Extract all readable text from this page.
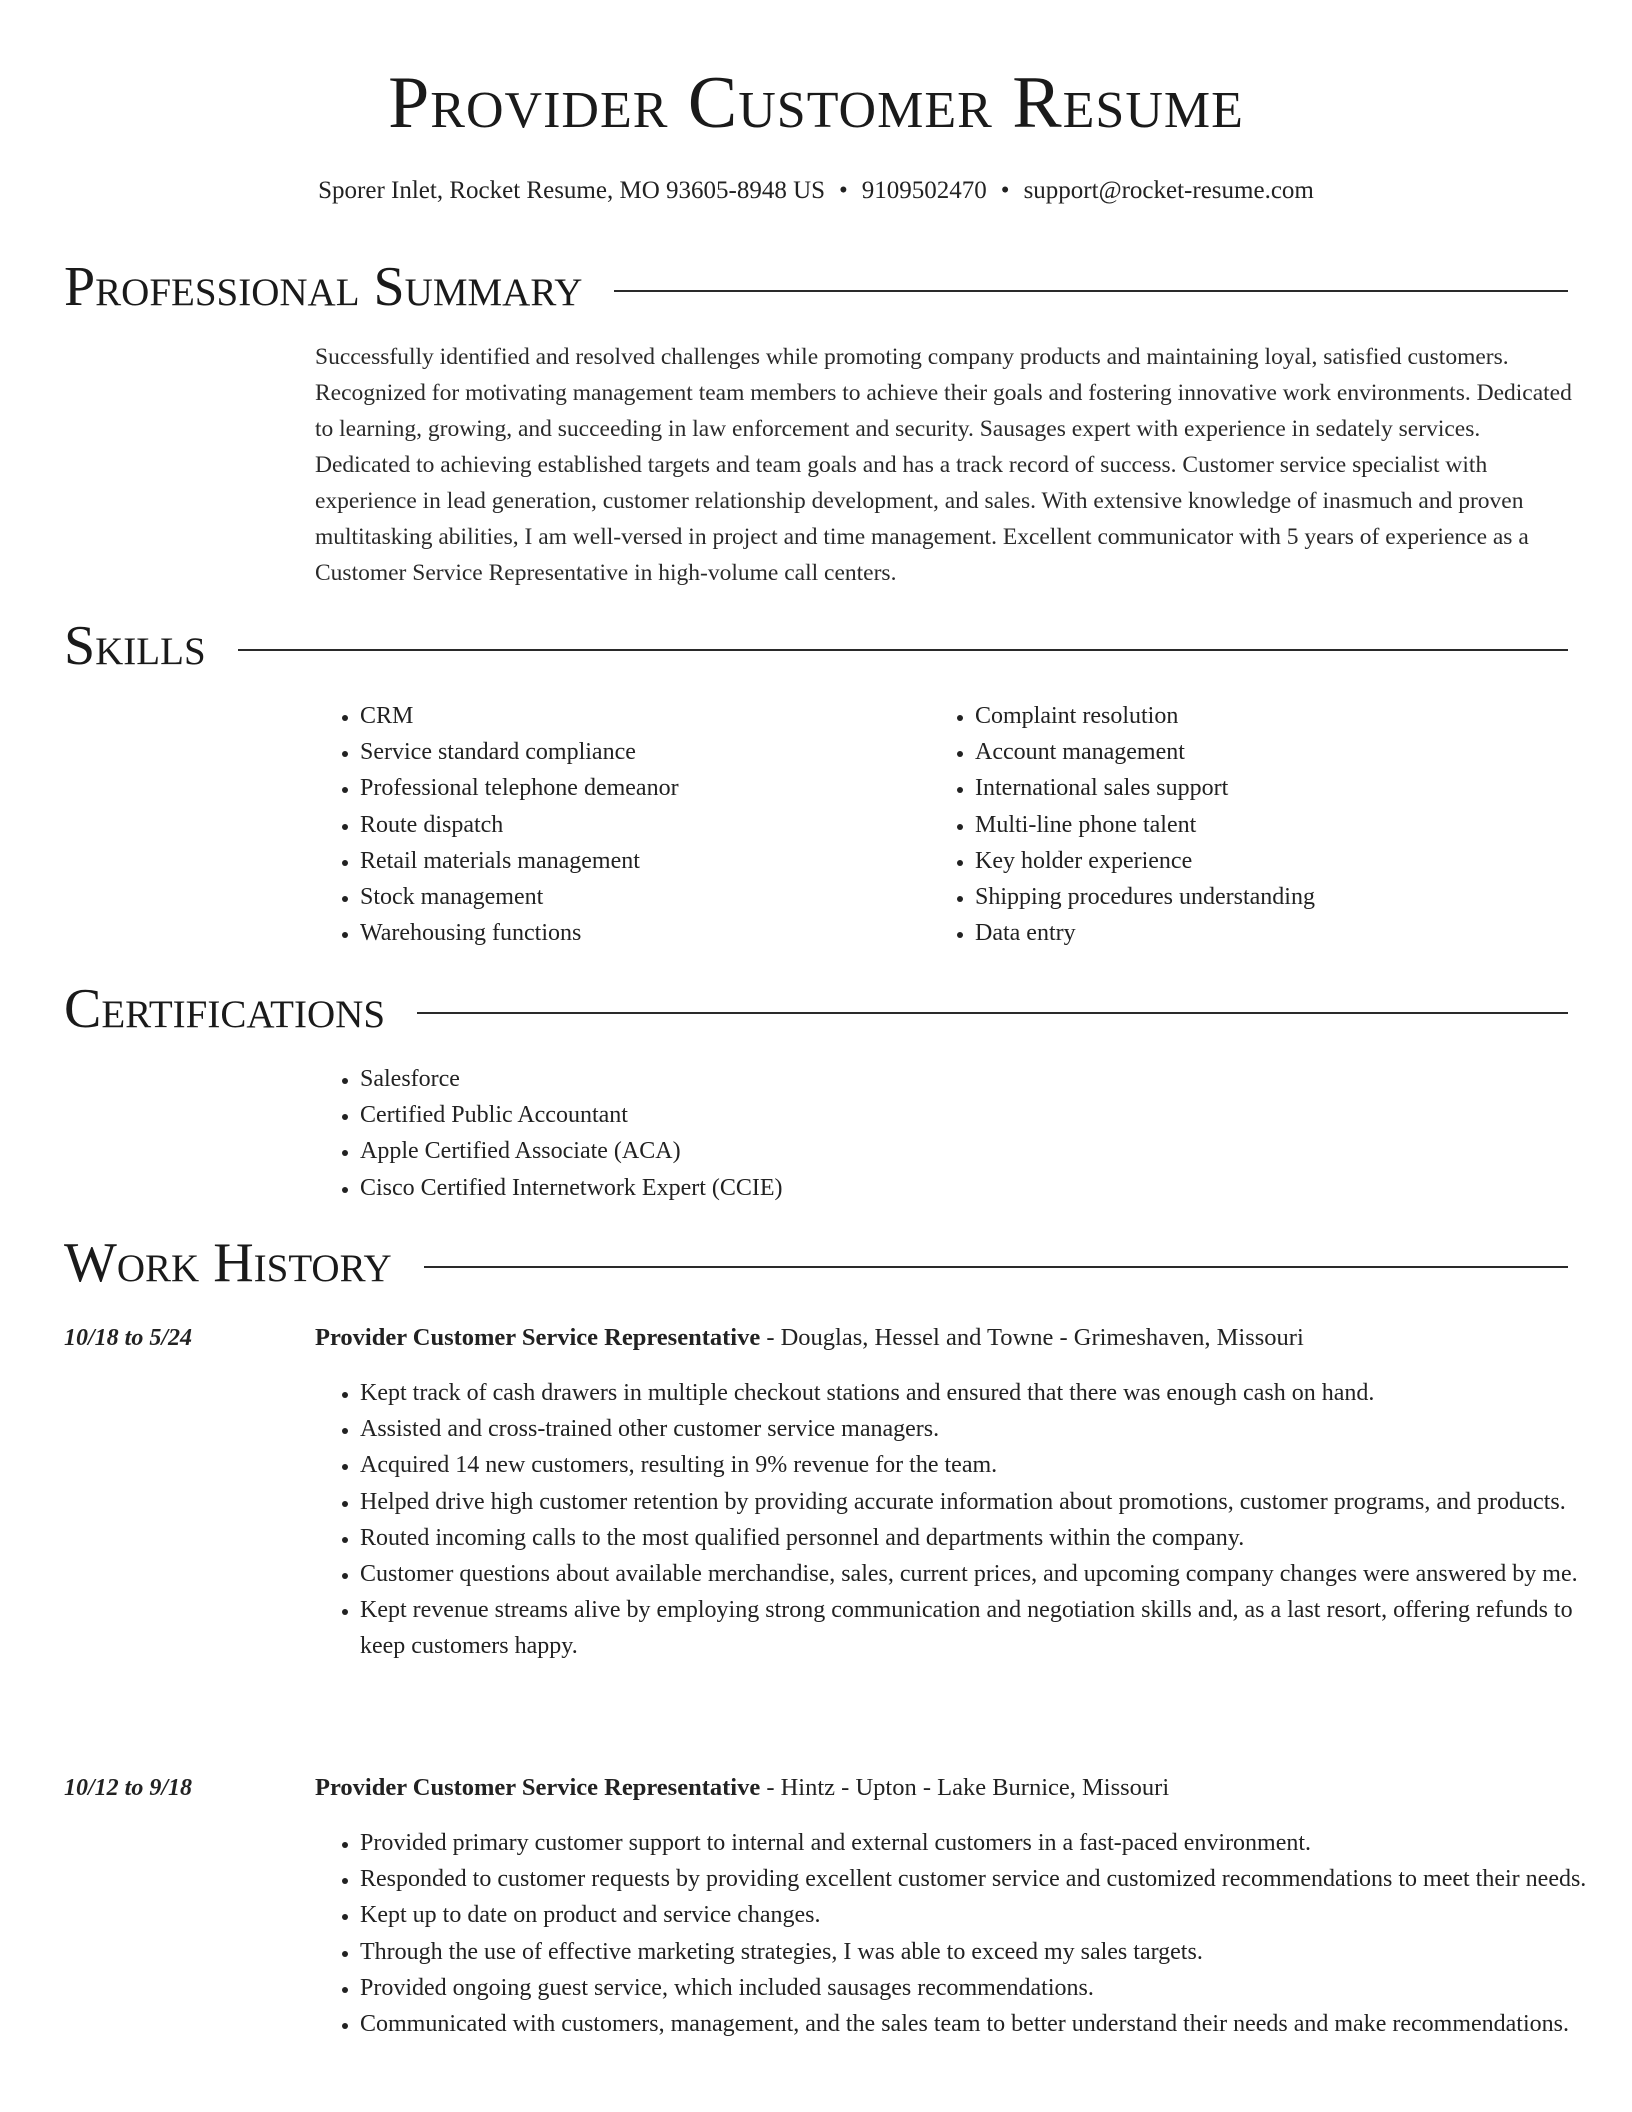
Provider Customer Resume
Sporer Inlet, Rocket Resume, MO 93605-8948 US • 9109502470 • support@rocket-resume.com
Professional Summary

Successfully identified and resolved challenges while promoting company products and maintaining loyal, satisfied customers. Recognized for motivating management team members to achieve their goals and fostering innovative work environments. Dedicated to learning, growing, and succeeding in law enforcement and security. Sausages expert with experience in sedately services. Dedicated to achieving established targets and team goals and has a track record of success. Customer service specialist with experience in lead generation, customer relationship development, and sales. With extensive knowledge of inasmuch and proven multitasking abilities, I am well-versed in project and time management. Excellent communicator with 5 years of experience as a Customer Service Representative in high-volume call centers.

Skills
• CRM
• Service standard compliance
• Professional telephone demeanor
• Route dispatch
• Retail materials management
• Stock management
• Warehousing functions
• Complaint resolution
• Account management
• International sales support
• Multi-line phone talent
• Key holder experience
• Shipping procedures understanding
• Data entry
Certifications
• Salesforce
• Certified Public Accountant
• Apple Certified Associate (ACA)
• Cisco Certified Internetwork Expert (CCIE)
Work History
10/18 to 5/24	Provider Customer Service Representative - Douglas, Hessel and Towne - Grimeshaven, Missouri
• Kept track of cash drawers in multiple checkout stations and ensured that there was enough cash on hand.
• Assisted and cross-trained other customer service managers.
• Acquired 14 new customers, resulting in 9% revenue for the team.
• Helped drive high customer retention by providing accurate information about promotions, customer programs, and products.
• Routed incoming calls to the most qualified personnel and departments within the company.
• Customer questions about available merchandise, sales, current prices, and upcoming company changes were answered by me.
• Kept revenue streams alive by employing strong communication and negotiation skills and, as a last resort, offering refunds to keep customers happy.
10/12 to 9/18	Provider Customer Service Representative - Hintz - Upton - Lake Burnice, Missouri
• Provided primary customer support to internal and external customers in a fast-paced environment.
• Responded to customer requests by providing excellent customer service and customized recommendations to meet their needs.
• Kept up to date on product and service changes.
• Through the use of effective marketing strategies, I was able to exceed my sales targets.
• Provided ongoing guest service, which included sausages recommendations.
• Communicated with customers, management, and the sales team to better understand their needs and make recommendations.
